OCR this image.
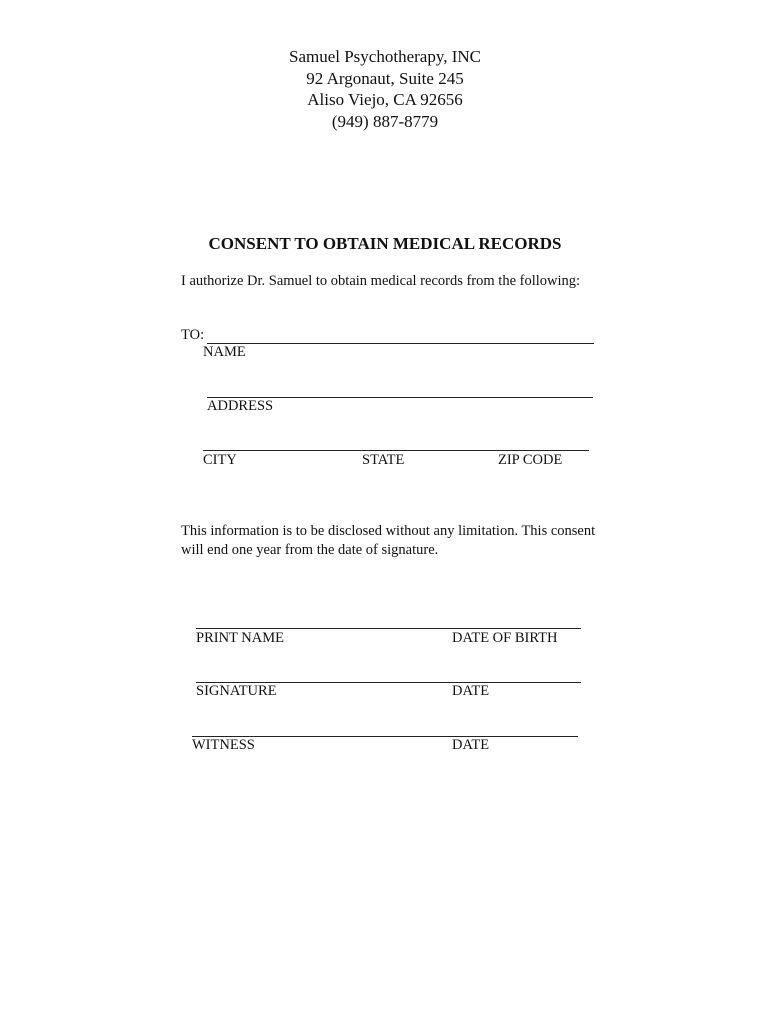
Samuel Psychotherapy, INC
92 Argonaut, Suite 245
Aliso Viejo, CA 92656
(949) 887-8779
CONSENT TO OBTAIN MEDICAL RECORDS
I authorize Dr. Samuel to obtain medical records from the following:
TO:
NAME
ADDRESS
CITY	STATE	ZIP CODE
This information is to be disclosed without any limitation. This consent
will end one year from the date of signature.
PRINT NAME	DATE OF BIRTH
SIGNATURE	DATE
WITNESS	DATE
